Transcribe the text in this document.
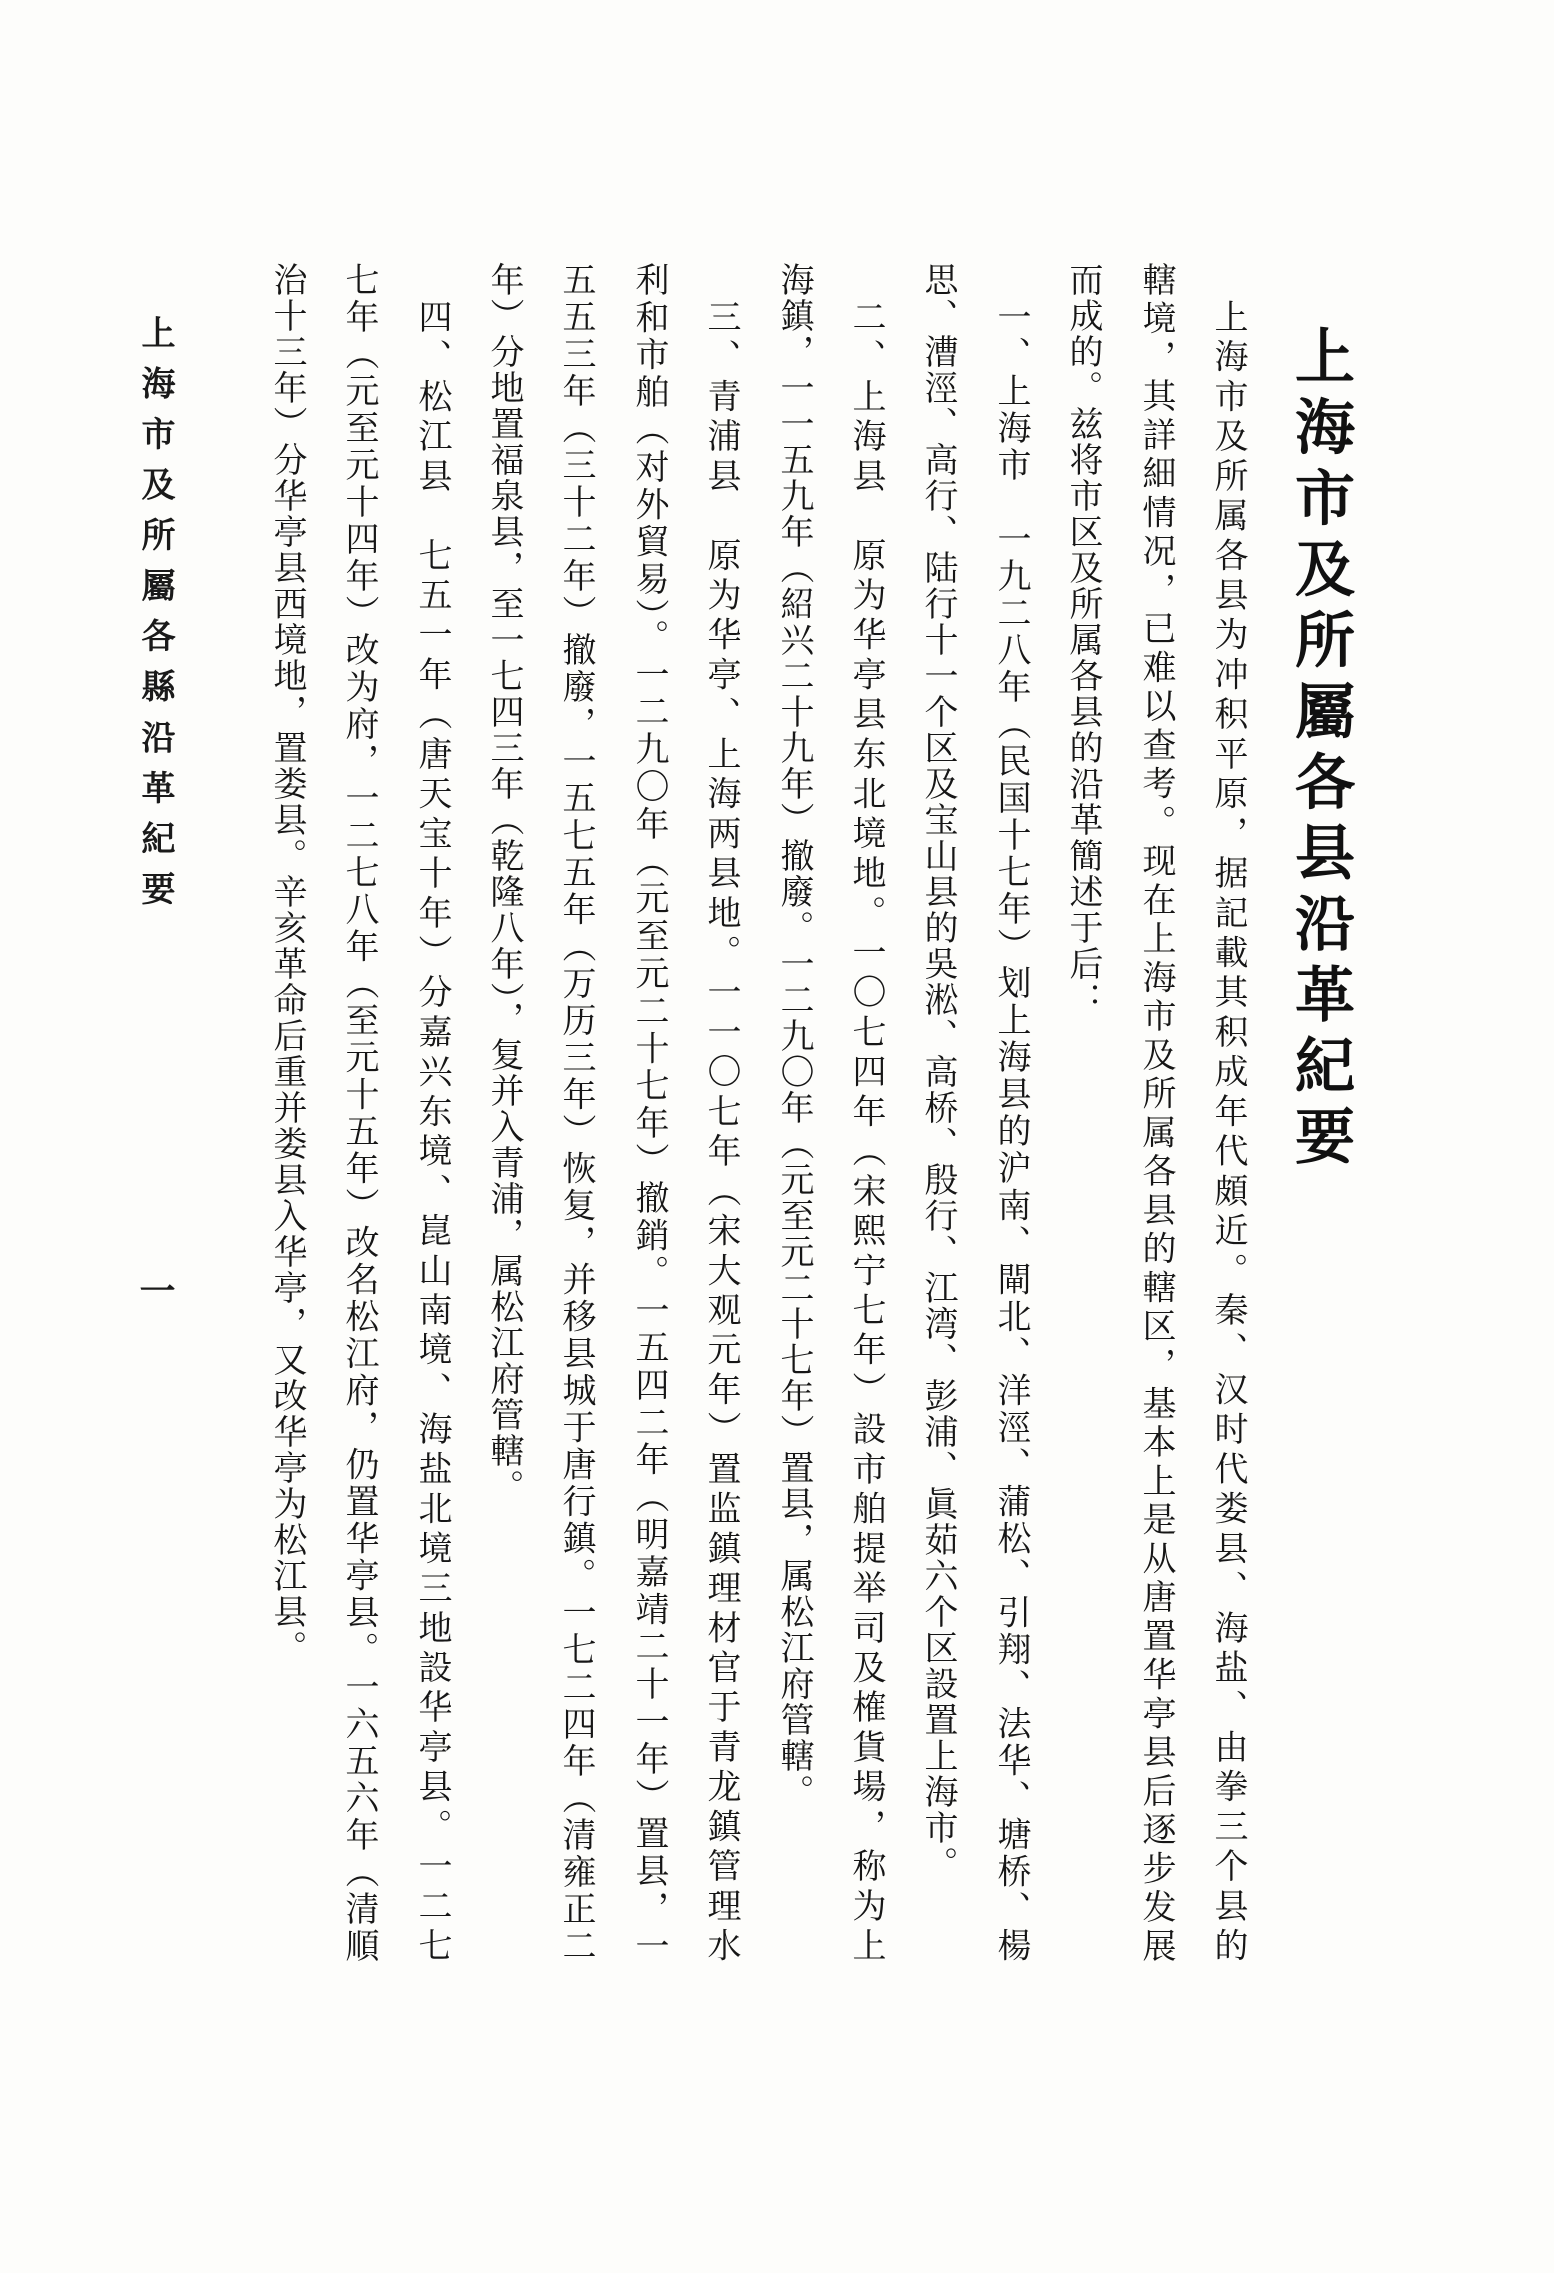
上海市及所屬各县沿革紀要

上海市及所属各县为冲积平原，据記載其积成年代頗近。秦、汉时代娄县、海盐、由拳三个县的

轄境，其詳細情况，已难以查考。现在上海市及所属各县的轄区，基本上是从唐置华亭县后逐步发展

而成的。兹将市区及所属各县的沿革簡述于后：

一、上海市　一九二八年（民国十七年）划上海县的沪南、閘北、洋涇、蒲松、引翔、法华、塘桥、楊

思、漕涇、高行、陆行十一个区及宝山县的吳淞、高桥、殷行、江湾、彭浦、眞茹六个区設置上海市。

二、上海县　原为华亭县东北境地。一〇七四年（宋熙宁七年）設市舶提举司及榷貨場，称为上

海鎮，一一五九年（紹兴二十九年）撤廢。一二九〇年（元至元二十七年）置县，属松江府管轄。

三、青浦县　原为华亭、上海两县地。一一〇七年（宋大观元年）置监鎮理材官于青龙鎮管理水

利和市舶（对外貿易）。一二九〇年（元至元二十七年）撤銷。一五四二年（明嘉靖二十一年）置县，一

五五三年（三十二年）撤廢，一五七五年（万历三年）恢复，并移县城于唐行鎮。一七二四年（清雍正二

年）分地置福泉县，至一七四三年（乾隆八年），复并入青浦，属松江府管轄。

四、松江县　七五一年（唐天宝十年）分嘉兴东境、崑山南境、海盐北境三地設华亭县。一二七

七年（元至元十四年）改为府，一二七八年（至元十五年）改名松江府，仍置华亭县。一六五六年（清順

治十三年）分华亭县西境地，置娄县。辛亥革命后重并娄县入华亭，又改华亭为松江县。

上海市及所屬各縣沿革紀要
一
